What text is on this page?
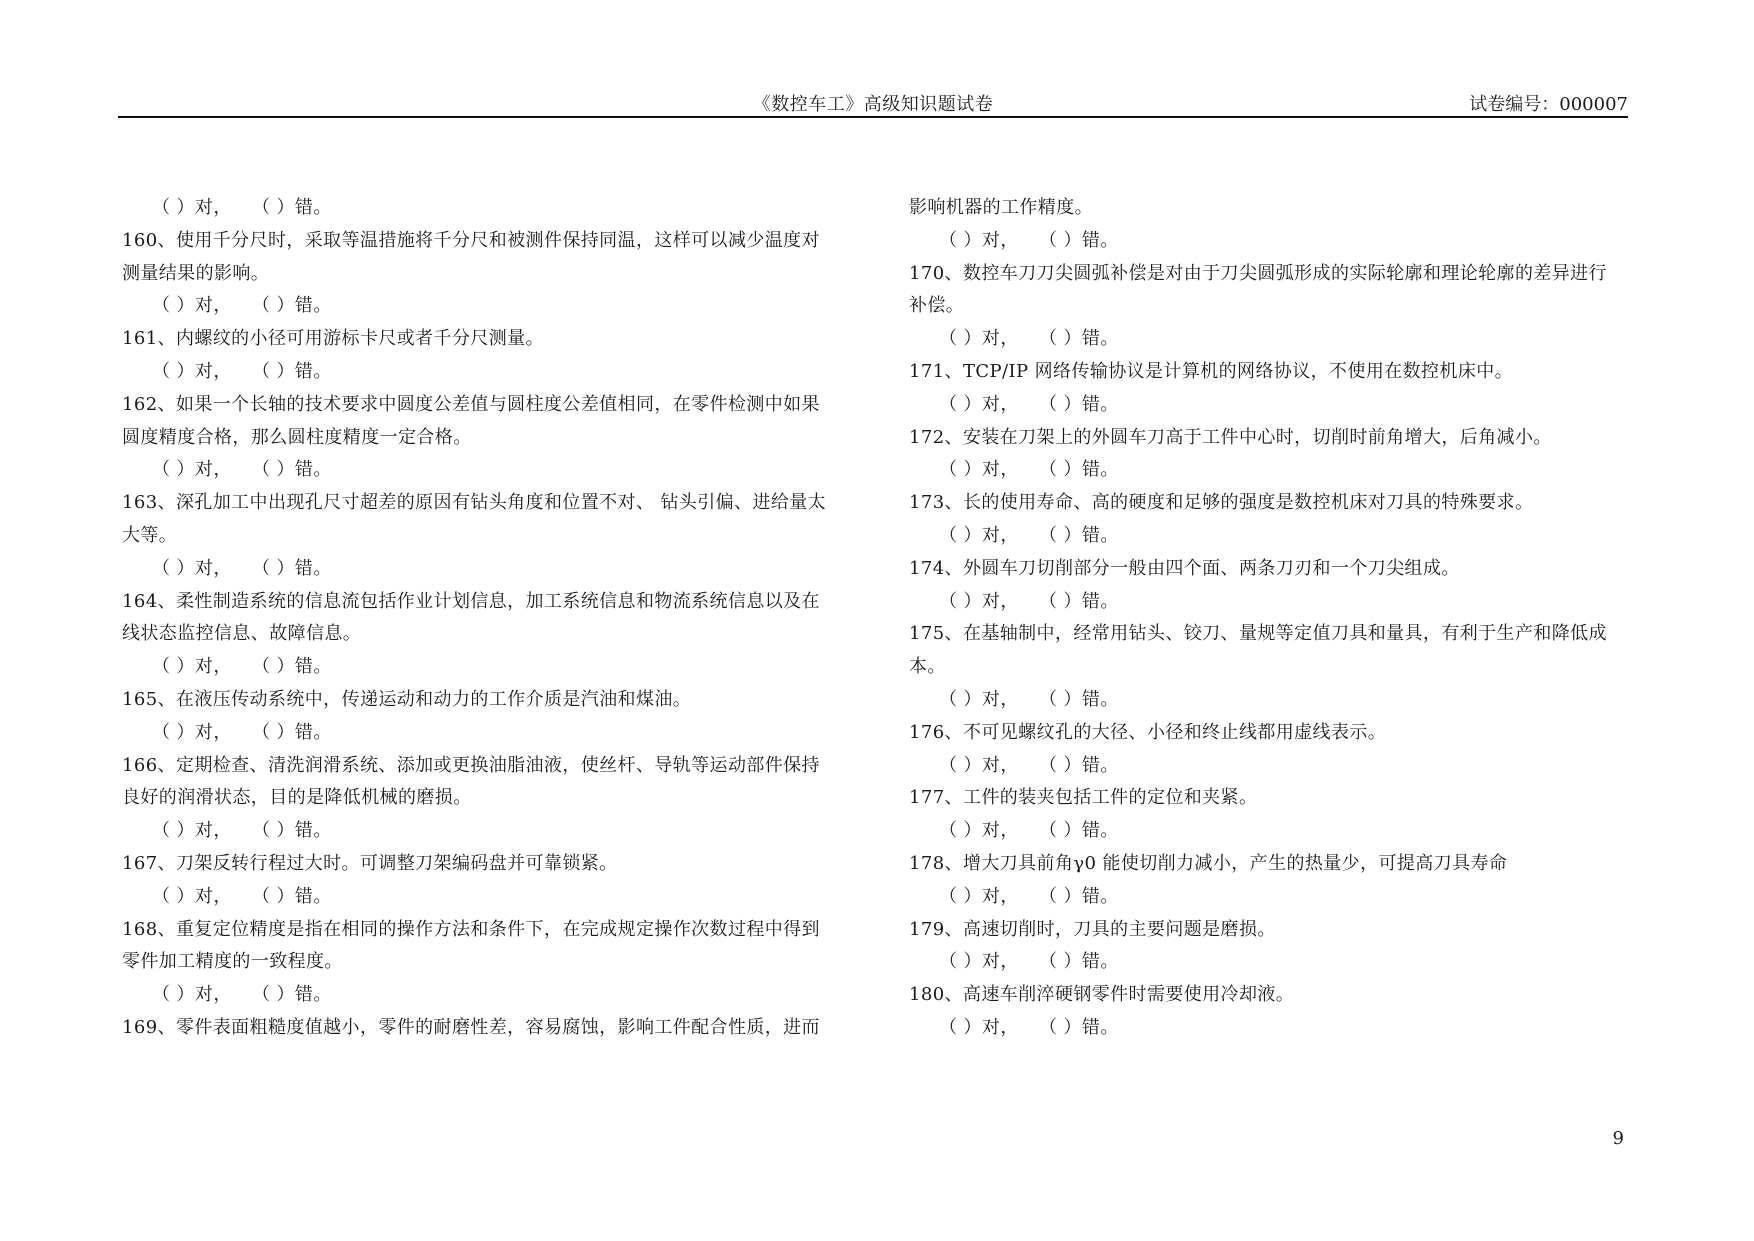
《数控车工》高级知识题试卷	试卷编号：000007
（ ）对， （ ）错。
160、使用千分尺时，采取等温措施将千分尺和被测件保持同温，这样可以减少温度对
测量结果的影响。
（ ）对， （ ）错。
161、内螺纹的小径可用游标卡尺或者千分尺测量。
（ ）对， （ ）错。
162、如果一个长轴的技术要求中圆度公差值与圆柱度公差值相同，在零件检测中如果
圆度精度合格，那么圆柱度精度一定合格。
（ ）对， （ ）错。
163、深孔加工中出现孔尺寸超差的原因有钻头角度和位置不对、 钻头引偏、进给量太
大等。
（ ）对， （ ）错。
164、柔性制造系统的信息流包括作业计划信息，加工系统信息和物流系统信息以及在
线状态监控信息、故障信息。
（ ）对， （ ）错。
165、在液压传动系统中，传递运动和动力的工作介质是汽油和煤油。
（ ）对， （ ）错。
166、定期检查、清洗润滑系统、添加或更换油脂油液，使丝杆、导轨等运动部件保持
良好的润滑状态，目的是降低机械的磨损。
（ ）对， （ ）错。
167、刀架反转行程过大时。可调整刀架编码盘并可靠锁紧。
（ ）对， （ ）错。
168、重复定位精度是指在相同的操作方法和条件下，在完成规定操作次数过程中得到
零件加工精度的一致程度。
（ ）对， （ ）错。
169、零件表面粗糙度值越小，零件的耐磨性差，容易腐蚀，影响工件配合性质，进而
影响机器的工作精度。
（ ）对， （ ）错。
170、数控车刀刀尖圆弧补偿是对由于刀尖圆弧形成的实际轮廓和理论轮廓的差异进行
补偿。
（ ）对， （ ）错。
171、TCP/IP 网络传输协议是计算机的网络协议，不使用在数控机床中。
（ ）对， （ ）错。
172、安装在刀架上的外圆车刀高于工件中心时，切削时前角增大，后角减小。
（ ）对， （ ）错。
173、长的使用寿命、高的硬度和足够的强度是数控机床对刀具的特殊要求。
（ ）对， （ ）错。
174、外圆车刀切削部分一般由四个面、两条刀刃和一个刀尖组成。
（ ）对， （ ）错。
175、在基轴制中，经常用钻头、铰刀、量规等定值刀具和量具，有利于生产和降低成
本。
（ ）对， （ ）错。
176、不可见螺纹孔的大径、小径和终止线都用虚线表示。
（ ）对， （ ）错。
177、工件的装夹包括工件的定位和夹紧。
（ ）对， （ ）错。
178、增大刀具前角γ0 能使切削力减小，产生的热量少，可提高刀具寿命
（ ）对， （ ）错。
179、高速切削时，刀具的主要问题是磨损。
（ ）对， （ ）错。
180、高速车削淬硬钢零件时需要使用冷却液。
（ ）对， （ ）错。
9
